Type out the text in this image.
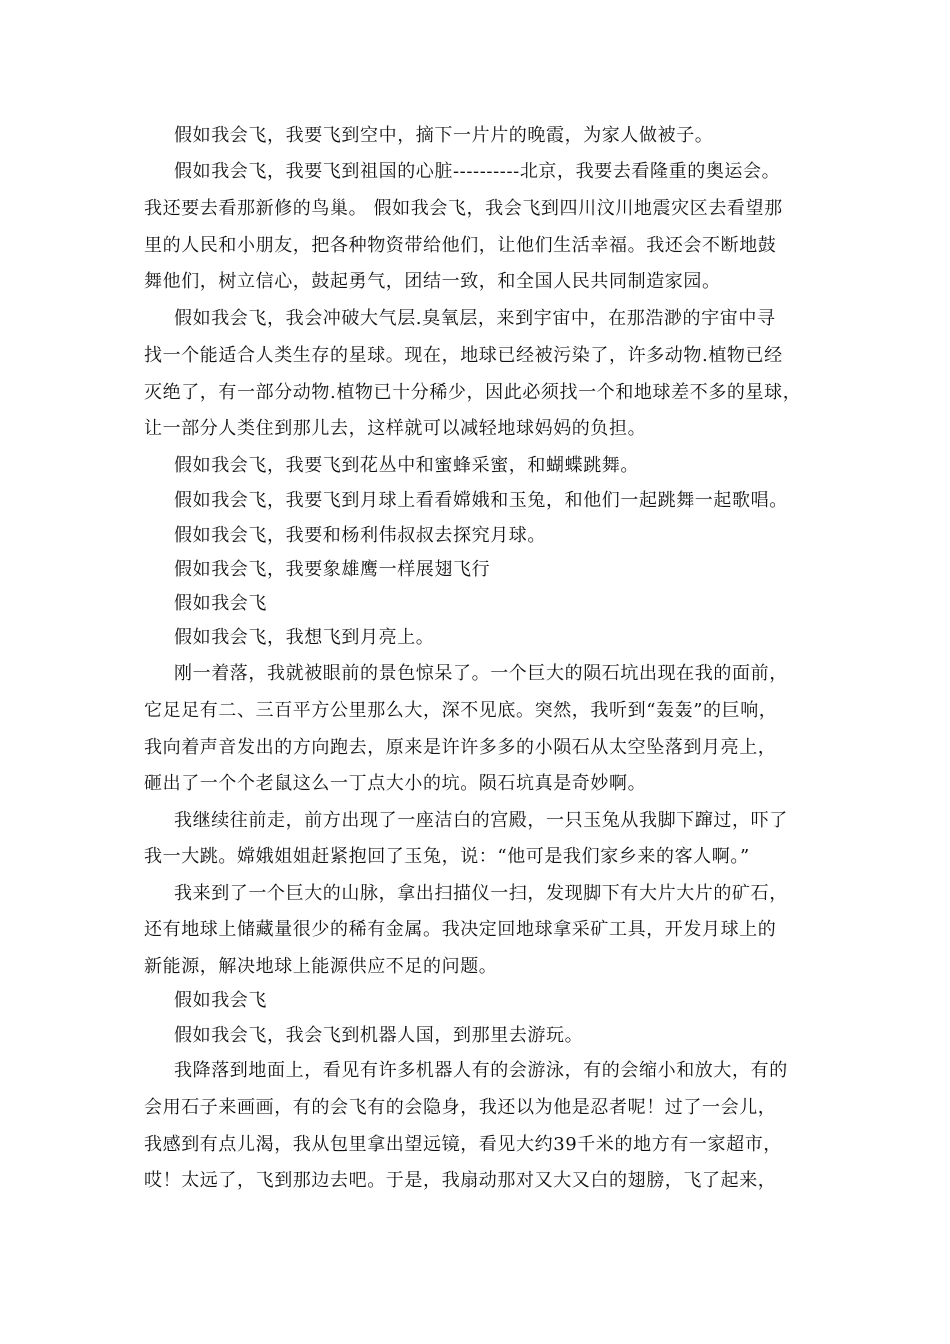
假如我会飞，我要飞到空中，摘下一片片的晚霞，为家人做被子。
假如我会飞，我要飞到祖国的心脏----------北京，我要去看隆重的奥运会。
我还要去看那新修的鸟巢。 假如我会飞，我会飞到四川汶川地震灾区去看望那
里的人民和小朋友，把各种物资带给他们，让他们生活幸福。我还会不断地鼓
舞他们，树立信心，鼓起勇气，团结一致，和全国人民共同制造家园。
假如我会飞，我会冲破大气层.臭氧层，来到宇宙中，在那浩渺的宇宙中寻
找一个能适合人类生存的星球。现在，地球已经被污染了，许多动物.植物已经
灭绝了，有一部分动物.植物已十分稀少，因此必须找一个和地球差不多的星球，
让一部分人类住到那儿去，这样就可以减轻地球妈妈的负担。
假如我会飞，我要飞到花丛中和蜜蜂采蜜，和蝴蝶跳舞。
假如我会飞，我要飞到月球上看看嫦娥和玉兔，和他们一起跳舞一起歌唱。
假如我会飞，我要和杨利伟叔叔去探究月球。
假如我会飞，我要象雄鹰一样展翅飞行
假如我会飞
假如我会飞，我想飞到月亮上。
刚一着落，我就被眼前的景色惊呆了。一个巨大的陨石坑出现在我的面前，
它足足有二、三百平方公里那么大，深不见底。突然，我听到“轰轰”的巨响，
我向着声音发出的方向跑去，原来是许许多多的小陨石从太空坠落到月亮上，
砸出了一个个老鼠这么一丁点大小的坑。陨石坑真是奇妙啊。
我继续往前走，前方出现了一座洁白的宫殿，一只玉兔从我脚下蹿过，吓了
我一大跳。嫦娥姐姐赶紧抱回了玉兔，说：“他可是我们家乡来的客人啊。”
我来到了一个巨大的山脉，拿出扫描仪一扫，发现脚下有大片大片的矿石，
还有地球上储藏量很少的稀有金属。我决定回地球拿采矿工具，开发月球上的
新能源，解决地球上能源供应不足的问题。
假如我会飞
假如我会飞，我会飞到机器人国，到那里去游玩。
我降落到地面上，看见有许多机器人有的会游泳，有的会缩小和放大，有的
会用石子来画画，有的会飞有的会隐身，我还以为他是忍者呢！过了一会儿，
我感到有点儿渴，我从包里拿出望远镜，看见大约39千米的地方有一家超市，
哎！太远了，飞到那边去吧。于是，我扇动那对又大又白的翅膀，飞了起来，
